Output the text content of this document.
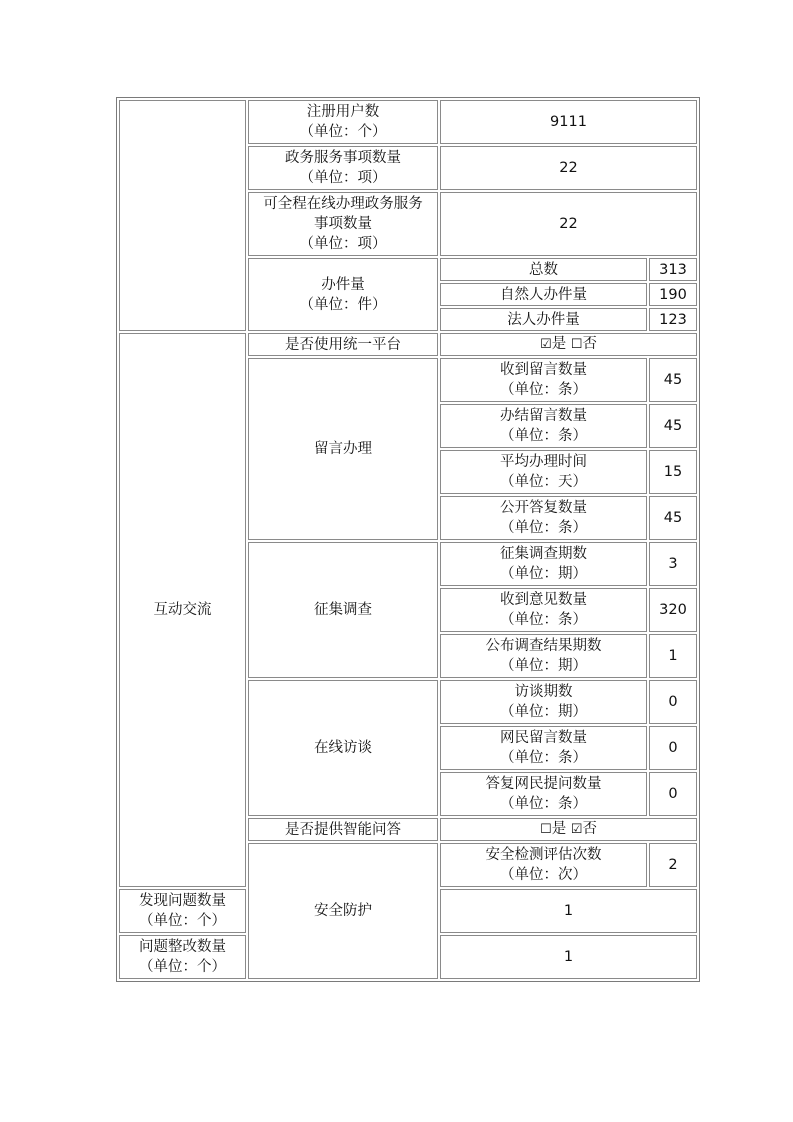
	注册用户数
（单位：个）	9111	

	政务服务事项数量
（单位：项）	22	

	可全程在线办理政务服务
事项数量
（单位：项）	22	

	办件量
（单位：件）	总数	313
		自然人办件量	190
		法人办件量	123
互动交流	是否使用统一平台	☑是 ☐否	
	留言办理	收到留言数量
（单位：条）	45

		办结留言数量
（单位：条）	45

		平均办理时间
（单位：天）	15

		公开答复数量
（单位：条）	45
	征集调查	征集调查期数
（单位：期）	3

		收到意见数量
（单位：条）	320

		公布调查结果期数
（单位：期）	1
	在线访谈	访谈期数
（单位：期）	0

		网民留言数量
（单位：条）	0

		答复网民提问数量
（单位：条）	0
	是否提供智能问答	☐是 ☑否	
	安全防护	安全检测评估次数
（单位：次）	2

发现问题数量
（单位：个）		1	

问题整改数量
（单位：个）		1	
